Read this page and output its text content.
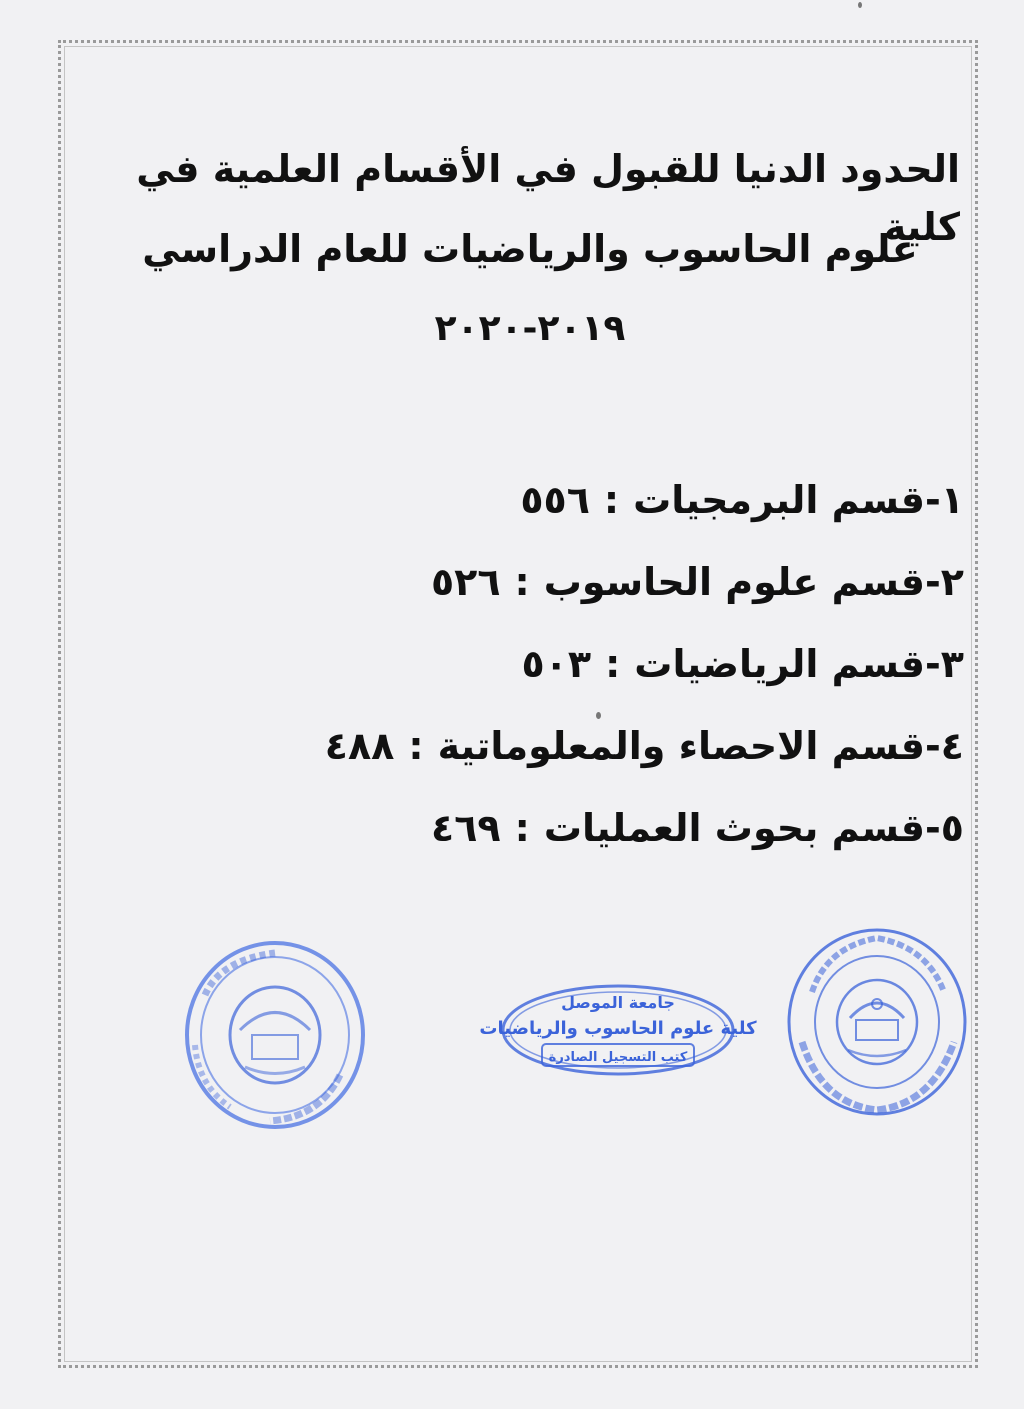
الحدود الدنيا للقبول في الأقسام العلمية في كلية
علوم الحاسوب والرياضيات للعام الدراسي
٢٠١٩-٢٠٢٠
١-قسم البرمجيات
:
٥٥٦
٢-قسم علوم الحاسوب
:
٥٢٦
٣-قسم الرياضيات
:
٥٠٣
٤-قسم الاحصاء والمعلوماتية
:
٤٨٨
٥-قسم بحوث العمليات
:
٤٦٩
جامعة الموصل
كلية علوم الحاسوب والرياضيات
كتب التسجيل الصادرة
